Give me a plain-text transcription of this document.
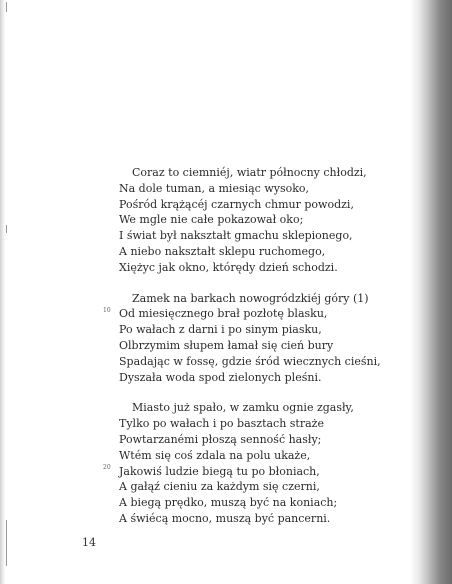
Coraz to ciemniéj, wiatr północny chłodzi,
Na dole tuman, a miesiąc wysoko,
Pośród krążącéj czarnych chmur powodzi,
We mgle nie całe pokazował oko;
I świat był nakształt gmachu sklepionego,
A niebo nakształt sklepu ruchomego,
Xiężyc jak okno, którędy dzień schodzi.
Zamek na barkach nowogródzkiéj góry (1)
Od miesięcznego brał pozłotę blasku,
Po wałach z darni i po sinym piasku,
Olbrzymim słupem łamał się cień bury
Spadając w fossę, gdzie śród wiecznych cieśni,
Dyszała woda spod zielonych pleśni.
Miasto już spało, w zamku ognie zgasły,
Tylko po wałach i po basztach straże
Powtarzanémi płoszą senność hasły;
Wtém się coś zdala na polu ukaże,
Jakowiś ludzie biegą tu po błoniach,
A gałąź cieniu za każdym się czerni,
A biegą prędko, muszą być na koniach;
A świécą mocno, muszą być pancerni.
10
20
14
